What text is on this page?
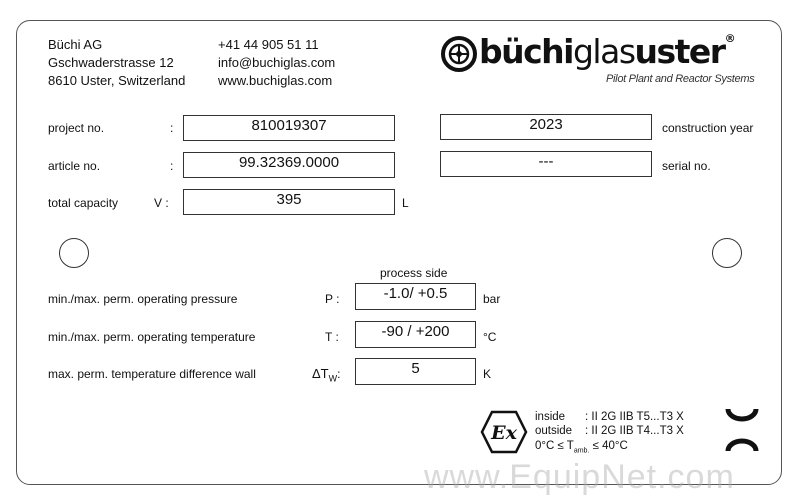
Büchi AG
Gschwaderstrasse 12
8610 Uster, Switzerland
+41 44 905 51 11
info@buchiglas.com
www.buchiglas.com
büchiglasuster®
Pilot Plant and Reactor Systems
project no.	:	810019307
article no.	:	99.32369.0000
total capacity	V :	395	L
2023	construction year
---	serial no.
process side
min./max. perm. operating pressure	P :	-1.0/ +0.5	bar
min./max. perm. operating temperature	T :	-90 / +200	°C
max. perm. temperature difference wall	$\Delta T_W$:	5	K
Ex
inside : II 2G IIB T5...T3 X
outside : II 2G IIB T4...T3 X
$0^\circ C \le T_{amb.} \le 40^\circ C$
www.EquipNet.com
